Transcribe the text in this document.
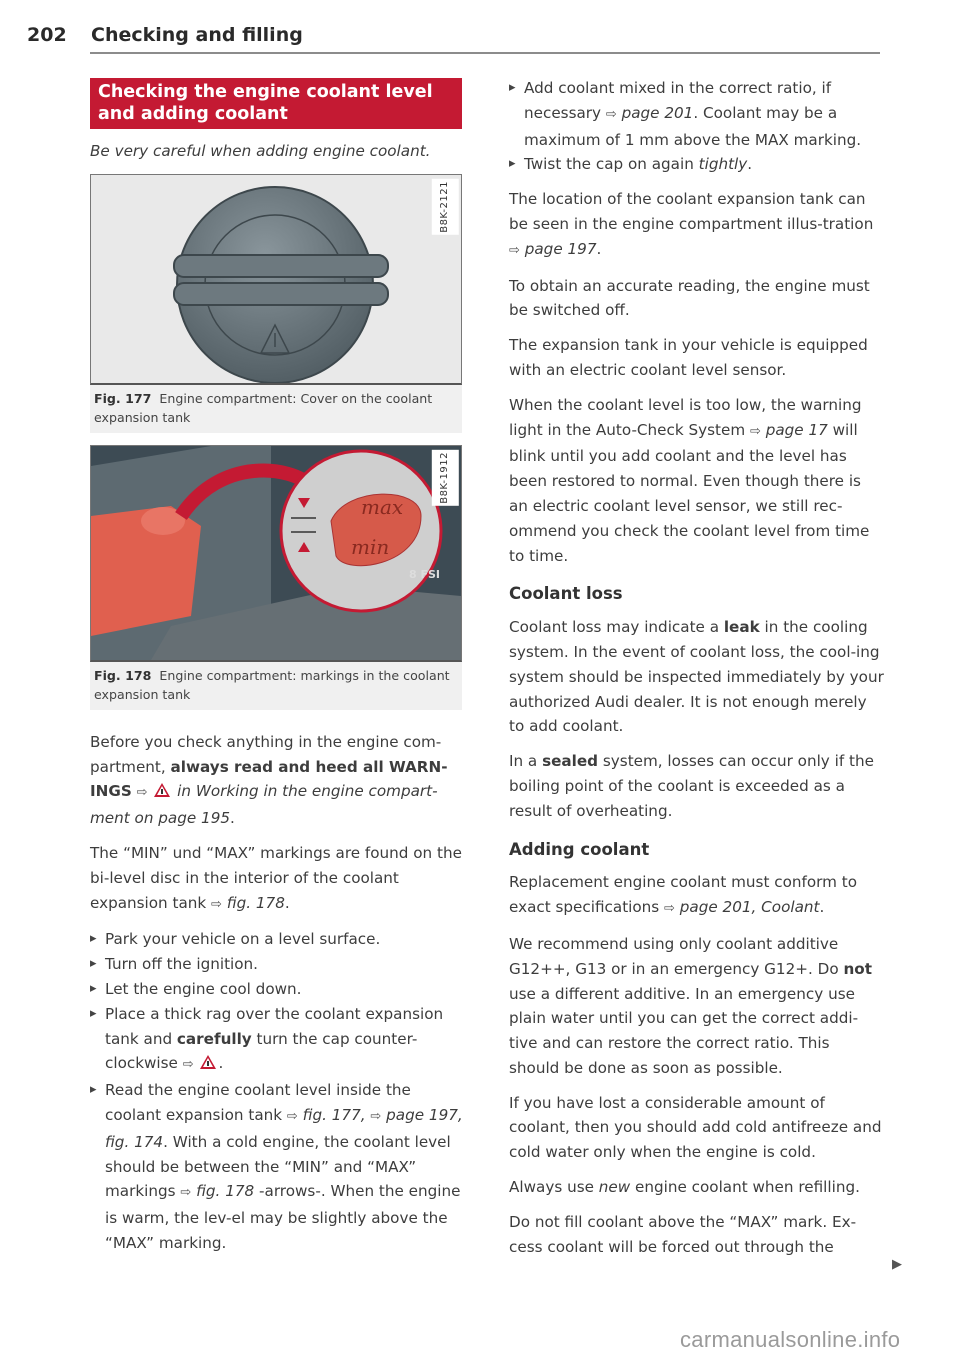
202 Checking and filling
Checking the engine coolant level and adding coolant
Be very careful when adding engine coolant.
B8K-2121
Fig. 177 Engine compartment: Cover on the coolant expansion tank
max
min
8 FSI
B8K-1912
Fig. 178 Engine compartment: markings in the coolant expansion tank

Before you check anything in the engine com-partment, always read and heed all WARN-INGS ⇨ in Working in the engine compart-ment on page 195.

The “MIN” und “MAX” markings are found on the bi-level disc in the interior of the coolant expansion tank ⇨ fig. 178.

▸ Park your vehicle on a level surface.
▸ Turn off the ignition.
▸ Let the engine cool down.
▸ Place a thick rag over the coolant expansion tank and carefully turn the cap counter-clockwise ⇨ .
▸ Read the engine coolant level inside the coolant expansion tank ⇨ fig. 177, ⇨ page 197, fig. 174. With a cold engine, the coolant level should be between the “MIN” and “MAX” markings ⇨ fig. 178 -arrows-. When the engine is warm, the lev-el may be slightly above the “MAX” marking.
▸ Add coolant mixed in the correct ratio, if necessary ⇨ page 201. Coolant may be a maximum of 1 mm above the MAX marking.
▸ Twist the cap on again tightly.

The location of the coolant expansion tank can be seen in the engine compartment illus-tration ⇨ page 197.

To obtain an accurate reading, the engine must be switched off.

The expansion tank in your vehicle is equipped with an electric coolant level sensor.

When the coolant level is too low, the warning light in the Auto-Check System ⇨ page 17 will blink until you add coolant and the level has been restored to normal. Even though there is an electric coolant level sensor, we still rec-ommend you check the coolant level from time to time.

Coolant loss

Coolant loss may indicate a leak in the cooling system. In the event of coolant loss, the cool-ing system should be inspected immediately by your authorized Audi dealer. It is not enough merely to add coolant.

In a sealed system, losses can occur only if the boiling point of the coolant is exceeded as a result of overheating.

Adding coolant

Replacement engine coolant must conform to exact specifications ⇨ page 201, Coolant.

We recommend using only coolant additive G12++, G13 or in an emergency G12+. Do not use a different additive. In an emergency use plain water until you can get the correct addi-tive and can restore the correct ratio. This should be done as soon as possible.

If you have lost a considerable amount of coolant, then you should add cold antifreeze and cold water only when the engine is cold.

Always use new engine coolant when refilling.

Do not fill coolant above the “MAX” mark. Ex-cess coolant will be forced out through the

▶
carmanualsonline.info
